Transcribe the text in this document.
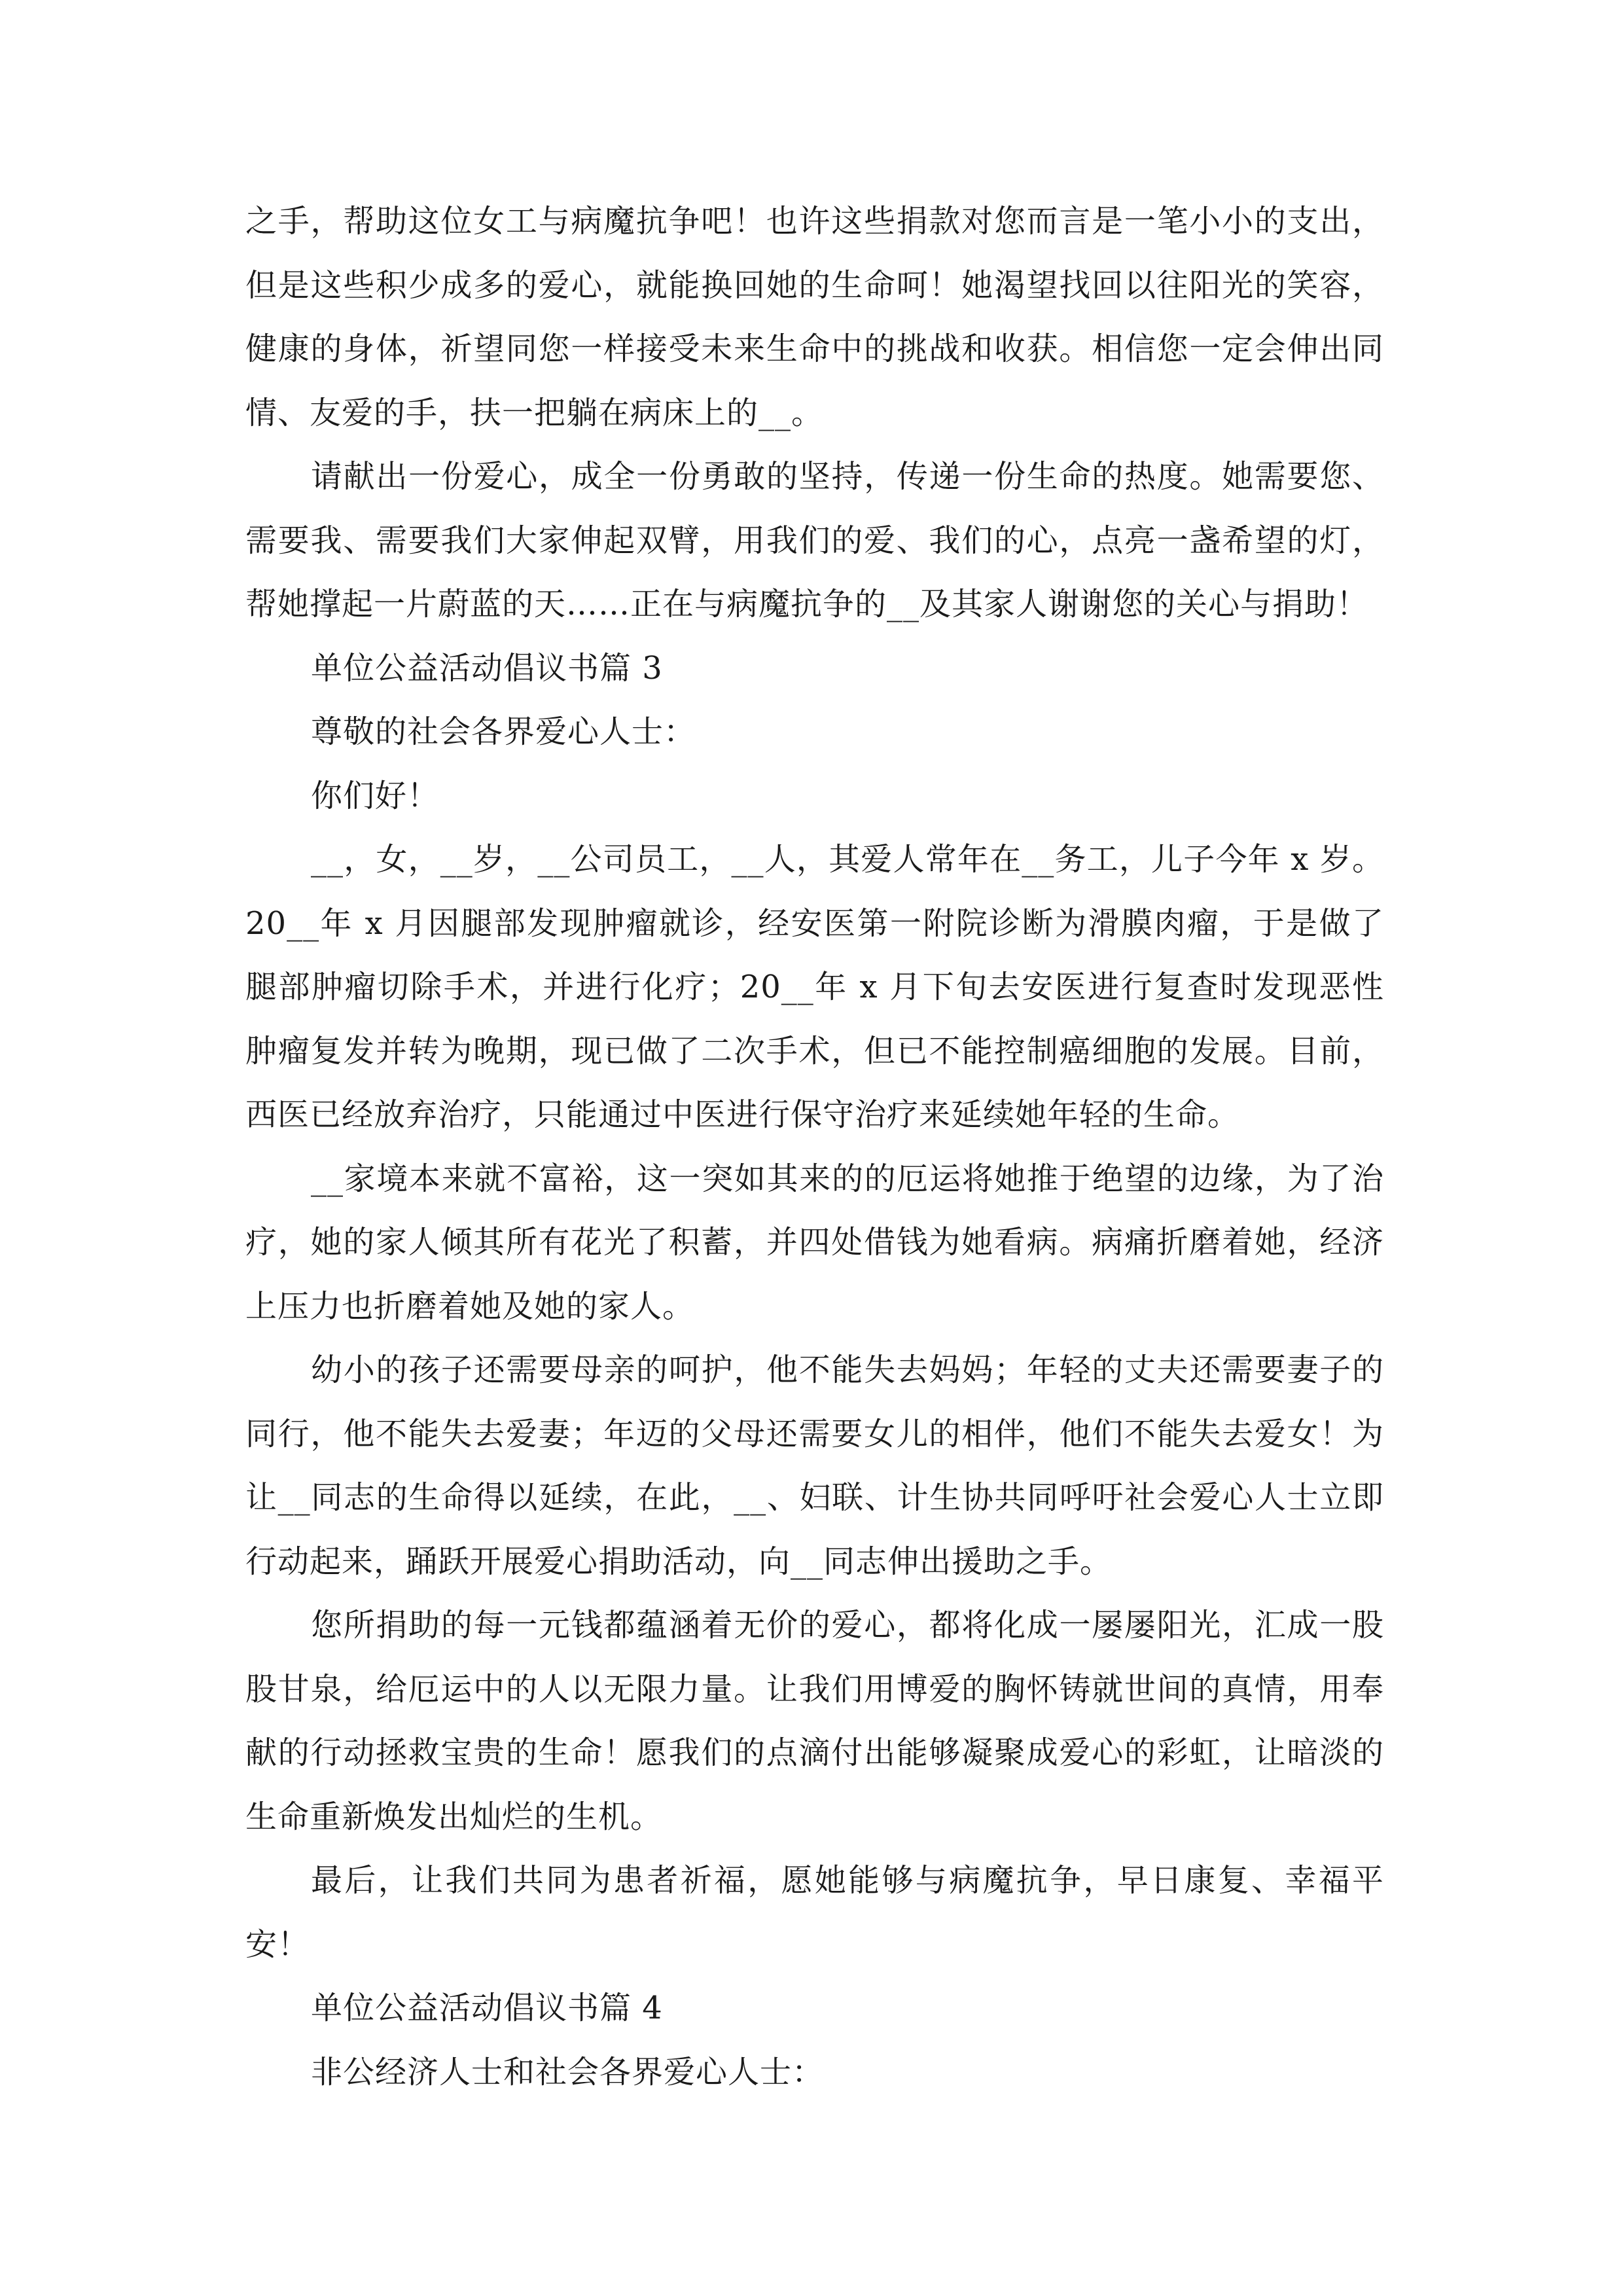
之手，帮助这位女工与病魔抗争吧！也许这些捐款对您而言是一笔小小的支出，但是这些积少成多的爱心，就能换回她的生命呵！她渴望找回以往阳光的笑容，健康的身体，祈望同您一样接受未来生命中的挑战和收获。相信您一定会伸出同情、友爱的手，扶一把躺在病床上的__。

请献出一份爱心，成全一份勇敢的坚持，传递一份生命的热度。她需要您、需要我、需要我们大家伸起双臂，用我们的爱、我们的心，点亮一盏希望的灯，帮她撑起一片蔚蓝的天……正在与病魔抗争的__及其家人谢谢您的关心与捐助！

单位公益活动倡议书篇 3

尊敬的社会各界爱心人士：

你们好！

__，女，__岁，__公司员工，__人，其爱人常年在__务工，儿子今年 x 岁。20__年 x 月因腿部发现肿瘤就诊，经安医第一附院诊断为滑膜肉瘤，于是做了腿部肿瘤切除手术，并进行化疗；20__年 x 月下旬去安医进行复查时发现恶性肿瘤复发并转为晚期，现已做了二次手术，但已不能控制癌细胞的发展。目前，西医已经放弃治疗，只能通过中医进行保守治疗来延续她年轻的生命。

__家境本来就不富裕，这一突如其来的的厄运将她推于绝望的边缘，为了治疗，她的家人倾其所有花光了积蓄，并四处借钱为她看病。病痛折磨着她，经济上压力也折磨着她及她的家人。

幼小的孩子还需要母亲的呵护，他不能失去妈妈；年轻的丈夫还需要妻子的同行，他不能失去爱妻；年迈的父母还需要女儿的相伴，他们不能失去爱女！为让__同志的生命得以延续，在此，__、妇联、计生协共同呼吁社会爱心人士立即行动起来，踊跃开展爱心捐助活动，向__同志伸出援助之手。

您所捐助的每一元钱都蕴涵着无价的爱心，都将化成一屡屡阳光，汇成一股股甘泉，给厄运中的人以无限力量。让我们用博爱的胸怀铸就世间的真情，用奉献的行动拯救宝贵的生命！愿我们的点滴付出能够凝聚成爱心的彩虹，让暗淡的生命重新焕发出灿烂的生机。

最后，让我们共同为患者祈福，愿她能够与病魔抗争，早日康复、幸福平安！

单位公益活动倡议书篇 4

非公经济人士和社会各界爱心人士：
